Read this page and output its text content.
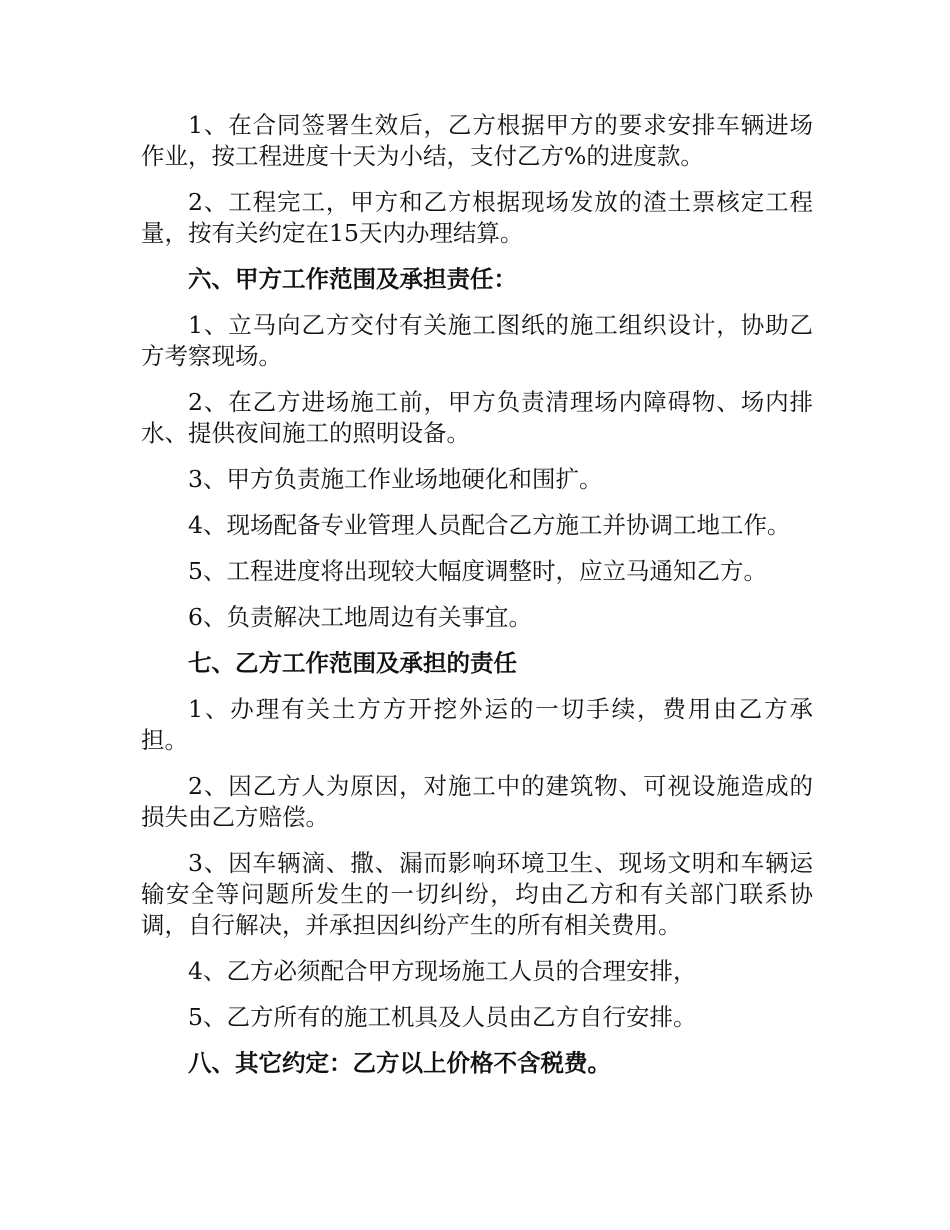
1、在合同签署生效后，乙方根据甲方的要求安排车辆进场作业，按工程进度十天为小结，支付乙方%的进度款。

2、工程完工，甲方和乙方根据现场发放的渣土票核定工程量，按有关约定在15天内办理结算。

六、甲方工作范围及承担责任：

1、立马向乙方交付有关施工图纸的施工组织设计，协助乙方考察现场。

2、在乙方进场施工前，甲方负责清理场内障碍物、场内排水、提供夜间施工的照明设备。

3、甲方负责施工作业场地硬化和围扩。

4、现场配备专业管理人员配合乙方施工并协调工地工作。

5、工程进度将出现较大幅度调整时，应立马通知乙方。

6、负责解决工地周边有关事宜。

七、乙方工作范围及承担的责任

1、办理有关土方方开挖外运的一切手续，费用由乙方承担。

2、因乙方人为原因，对施工中的建筑物、可视设施造成的损失由乙方赔偿。

3、因车辆滴、撒、漏而影响环境卫生、现场文明和车辆运输安全等问题所发生的一切纠纷，均由乙方和有关部门联系协调，自行解决，并承担因纠纷产生的所有相关费用。

4、乙方必须配合甲方现场施工人员的合理安排，

5、乙方所有的施工机具及人员由乙方自行安排。

八、其它约定：乙方以上价格不含税费。
